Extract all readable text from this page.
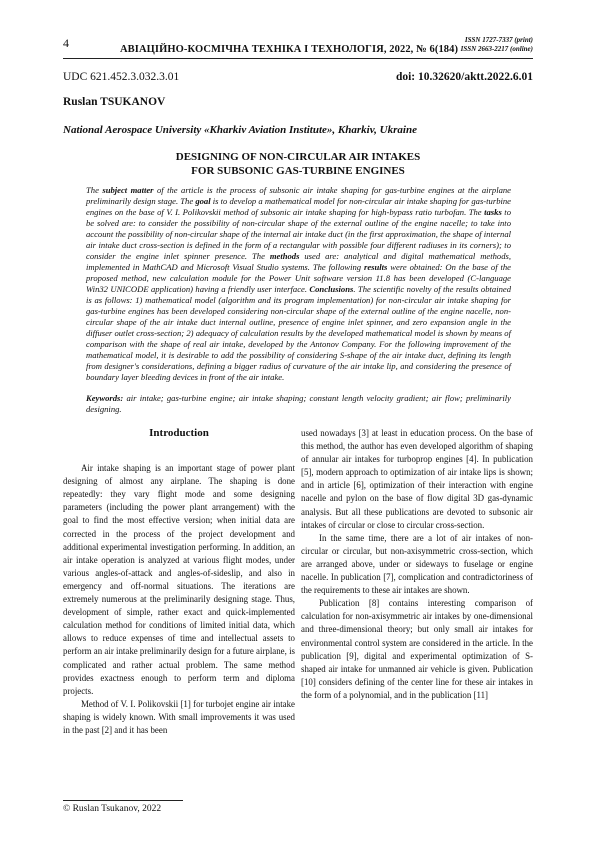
4	АВІАЦІЙНО-КОСМІЧНА ТЕХНІКА І ТЕХНОЛОГІЯ, 2022, № 6(184)
ISSN 1727-7337 (print)
ISSN 2663-2217 (online)
UDC 621.452.3.032.3.01	doi: 10.32620/aktt.2022.6.01
Ruslan TSUKANOV
National Aerospace University «Kharkiv Aviation Institute», Kharkiv, Ukraine
DESIGNING OF NON-CIRCULAR AIR INTAKES
FOR SUBSONIC GAS-TURBINE ENGINES
The subject matter of the article is the process of subsonic air intake shaping for gas-turbine engines at the airplane preliminarily design stage. The goal is to develop a mathematical model for non-circular air intake shaping for gas-turbine engines on the base of V. I. Polikovskii method of subsonic air intake shaping for high-bypass ratio turbofan. The tasks to be solved are: to consider the possibility of non-circular shape of the external outline of the engine nacelle; to take into account the possibility of non-circular shape of the internal air intake duct (in the first approximation, the shape of internal air intake duct cross-section is defined in the form of a rectangular with possible four different radiuses in its corners); to consider the engine inlet spinner presence. The methods used are: analytical and digital mathematical methods, implemented in MathCAD and Microsoft Visual Studio systems. The following results were obtained: On the base of the proposed method, new calculation module for the Power Unit software version 11.8 has been developed (C-language Win32 UNICODE application) having a friendly user interface. Conclusions. The scientific novelty of the results obtained is as follows: 1) mathematical model (algorithm and its program implementation) for non-circular air intake shaping for gas-turbine engines has been developed considering non-circular shape of the external outline of the engine nacelle, non-circular shape of the air intake duct internal outline, presence of engine inlet spinner, and zero expansion angle in the diffuser outlet cross-section; 2) adequacy of calculation results by the developed mathematical model is shown by means of comparison with the shape of real air intake, developed by the Antonov Company. For the following improvement of the mathematical model, it is desirable to add the possibility of considering S-shape of the air intake duct, defining its length from designer's considerations, defining a bigger radius of curvature of the air intake lip, and considering the presence of boundary layer bleeding devices in front of the air intake.
Keywords: air intake; gas-turbine engine; air intake shaping; constant length velocity gradient; air flow; preliminarily designing.
Introduction

Air intake shaping is an important stage of power plant designing of almost any airplane. The shaping is done repeatedly: they vary flight mode and some designing parameters (including the power plant arrangement) with the goal to find the most effective version; when initial data are corrected in the process of the project development and additional experimental investigation performing. In addition, an air intake operation is analyzed at various flight modes, under various angles-of-attack and angles-of-sideslip, and also in emergency and off-normal situations. The iterations are extremely numerous at the preliminarily designing stage. Thus, development of simple, rather exact and quick-implemented calculation method for conditions of limited initial data, which allows to reduce expenses of time and intellectual assets to perform an air intake preliminarily design for a future airplane, is complicated and rather actual problem. The same method provides exactness enough to perform term and diploma projects.

Method of V. I. Polikovskii [1] for turbojet engine air intake shaping is widely known. With small improvements it was used in the past [2] and it has been

used nowadays [3] at least in education process. On the base of this method, the author has even developed algorithm of shaping of annular air intakes for turboprop engines [4]. In publication [5], modern approach to optimization of air intake lips is shown; and in article [6], optimization of their interaction with engine nacelle and pylon on the base of flow digital 3D gas-dynamic analysis. But all these publications are devoted to subsonic air intakes of circular or close to circular cross-section.

In the same time, there are a lot of air intakes of non-circular or circular, but non-axisymmetric cross-section, which are arranged above, under or sideways to fuselage or engine nacelle. In publication [7], complication and contradictoriness of the requirements to these air intakes are shown.

Publication [8] contains interesting comparison of calculation for non-axisymmetric air intakes by one-dimensional and three-dimensional theory; but only small air intakes for environmental control system are considered in the article. In the publication [9], digital and experimental optimization of S-shaped air intake for unmanned air vehicle is given. Publication [10] considers defining of the center line for these air intakes in the form of a polynomial, and in the publication [11]

© Ruslan Tsukanov, 2022
